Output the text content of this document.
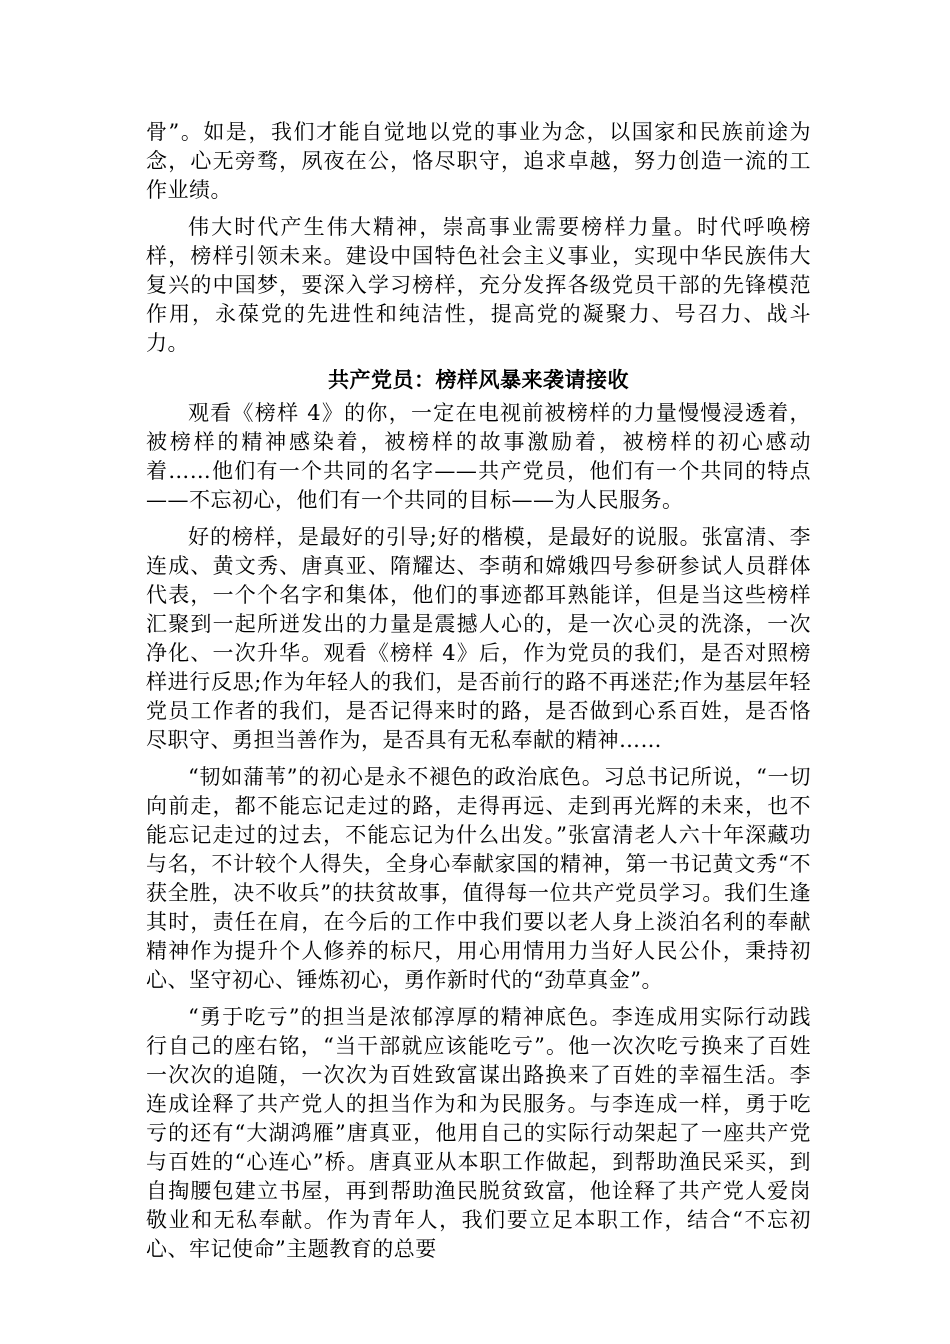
骨”。如是，我们才能自觉地以党的事业为念，以国家和民族前途为念，心无旁骛，夙夜在公，恪尽职守，追求卓越，努力创造一流的工作业绩。

伟大时代产生伟大精神，崇高事业需要榜样力量。时代呼唤榜样，榜样引领未来。建设中国特色社会主义事业，实现中华民族伟大复兴的中国梦，要深入学习榜样，充分发挥各级党员干部的先锋模范作用，永葆党的先进性和纯洁性，提高党的凝聚力、号召力、战斗力。

共产党员：榜样风暴来袭请接收

观看《榜样 4》的你，一定在电视前被榜样的力量慢慢浸透着，被榜样的精神感染着，被榜样的故事激励着，被榜样的初心感动着……他们有一个共同的名字——共产党员，他们有一个共同的特点——不忘初心，他们有一个共同的目标——为人民服务。

好的榜样，是最好的引导;好的楷模，是最好的说服。张富清、李连成、黄文秀、唐真亚、隋耀达、李萌和嫦娥四号参研参试人员群体代表，一个个名字和集体，他们的事迹都耳熟能详，但是当这些榜样汇聚到一起所迸发出的力量是震撼人心的，是一次心灵的洗涤，一次净化、一次升华。观看《榜样 4》后，作为党员的我们，是否对照榜样进行反思;作为年轻人的我们，是否前行的路不再迷茫;作为基层年轻党员工作者的我们，是否记得来时的路，是否做到心系百姓，是否恪尽职守、勇担当善作为，是否具有无私奉献的精神……

“韧如蒲苇”的初心是永不褪色的政治底色。习总书记所说，“一切向前走，都不能忘记走过的路，走得再远、走到再光辉的未来，也不能忘记走过的过去，不能忘记为什么出发。”张富清老人六十年深藏功与名，不计较个人得失，全身心奉献家国的精神，第一书记黄文秀“不获全胜，决不收兵”的扶贫故事，值得每一位共产党员学习。我们生逢其时，责任在肩，在今后的工作中我们要以老人身上淡泊名利的奉献精神作为提升个人修养的标尺，用心用情用力当好人民公仆，秉持初心、坚守初心、锤炼初心，勇作新时代的“劲草真金”。

“勇于吃亏”的担当是浓郁淳厚的精神底色。李连成用实际行动践行自己的座右铭，“当干部就应该能吃亏”。他一次次吃亏换来了百姓一次次的追随，一次次为百姓致富谋出路换来了百姓的幸福生活。李连成诠释了共产党人的担当作为和为民服务。与李连成一样，勇于吃亏的还有“大湖鸿雁”唐真亚，他用自己的实际行动架起了一座共产党与百姓的“心连心”桥。唐真亚从本职工作做起，到帮助渔民采买，到自掏腰包建立书屋，再到帮助渔民脱贫致富，他诠释了共产党人爱岗敬业和无私奉献。作为青年人，我们要立足本职工作，结合“不忘初心、牢记使命”主题教育的总要
